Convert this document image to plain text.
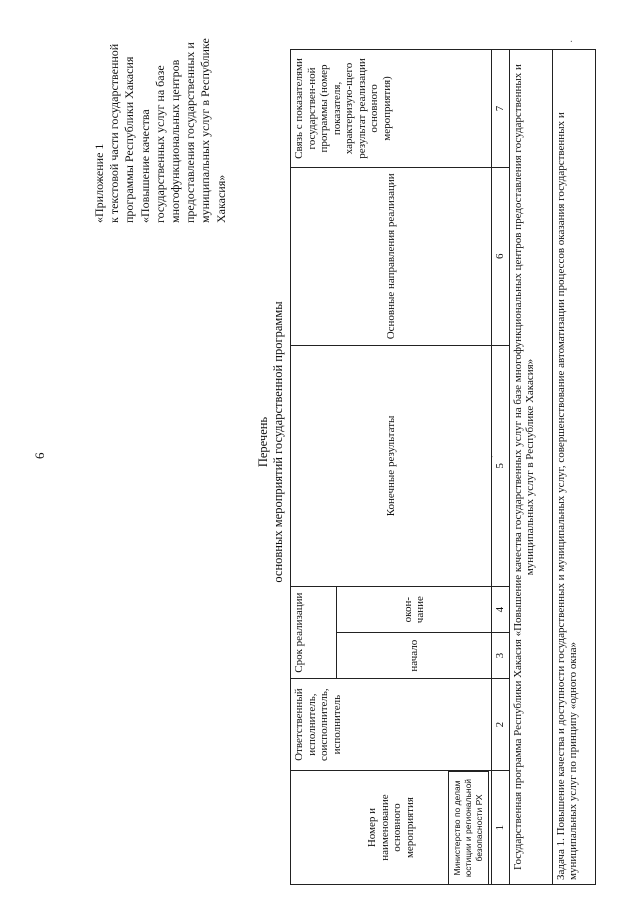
Министерство по делам юстиции и региональной безопасности РХ
6
«Приложение 1 к текстовой части государственной программы Республики Хакасия «Повышение качества государственных услуг на базе многофункциональных центров предоставления государственных и муниципальных услуг в Республике Хакасия»
Перечень основных мероприятий государственной программы	·
·
Номер и наименование основного мероприятия	Ответственный исполнитель, соисполнитель, исполнитель	Срок реализации		Конечные результаты	Основные направления реализации	Связь с показателями государствен-ной программы (номер показателя, характеризую-щего результат реализации основного мероприятия)
		начало	окон-чание			
1	2	3	4	5	6	7
Государственная программа Республики Хакасия «Повышение качества государственных услуг на базе многофункциональных центров предоставления государственных и муниципальных услуг в Республике Хакасия»						
Задача 1. Повышение качества и доступности государственных и муниципальных услуг, совершенствование автоматизации процессов оказания государственных и муниципальных услуг по принципу «одного окна»						
